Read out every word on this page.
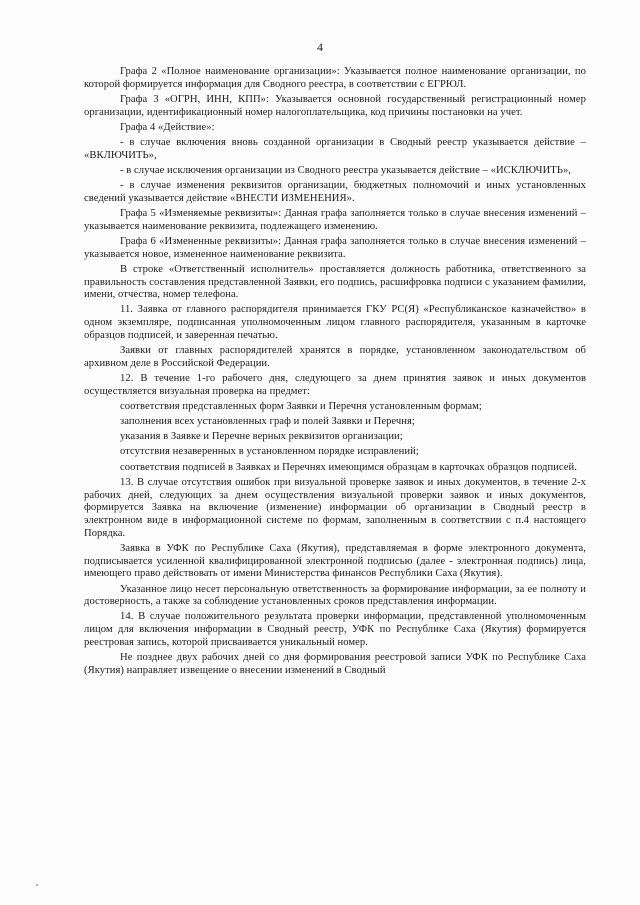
4

Графа 2 «Полное наименование организации»: Указывается полное наименование организации, по которой формируется информация для Сводного реестра, в соответствии с ЕГРЮЛ.

Графа 3 «ОГРН, ИНН, КПП»: Указывается основной государственный регистрационный номер организации, идентификационный номер налогоплательщика, код причины постановки на учет.

Графа 4 «Действие»:

- в случае включения вновь созданной организации в Сводный реестр указывается действие – «ВКЛЮЧИТЬ»,

- в случае исключения организации из Сводного реестра указывается действие – «ИСКЛЮЧИТЬ»,

- в случае изменения реквизитов организации, бюджетных полномочий и иных установленных сведений указывается действие «ВНЕСТИ ИЗМЕНЕНИЯ».

Графа 5 «Изменяемые реквизиты»: Данная графа заполняется только в случае внесения изменений – указывается наименование реквизита, подлежащего изменению.

Графа 6 «Измененные реквизиты»: Данная графа заполняется только в случае внесения изменений – указывается новое, измененное наименование реквизита.

В строке «Ответственный исполнитель» проставляется должность работника, ответственного за правильность составления представленной Заявки, его подпись, расшифровка подписи с указанием фамилии, имени, отчества, номер телефона.

11. Заявка от главного распорядителя принимается ГКУ РС(Я) «Республиканское казначейство» в одном экземпляре, подписанная уполномоченным лицом главного распорядителя, указанным в карточке образцов подписей, и заверенная печатью.

Заявки от главных распорядителей хранятся в порядке, установленном законодательством об архивном деле в Российской Федерации.

12. В течение 1-го рабочего дня, следующего за днем принятия заявок и иных документов осуществляется визуальная проверка на предмет:

соответствия представленных форм Заявки и Перечня установленным формам;

заполнения всех установленных граф и полей Заявки и Перечня;

указания в Заявке и Перечне верных реквизитов организации;

отсутствия незаверенных в установленном порядке исправлений;

соответствия подписей в Заявках и Перечнях имеющимся образцам в карточках образцов подписей.

13. В случае отсутствия ошибок при визуальной проверке заявок и иных документов, в течение 2-х рабочих дней, следующих за днем осуществления визуальной проверки заявок и иных документов, формируется Заявка на включение (изменение) информации об организации в Сводный реестр в электронном виде в информационной системе по формам, заполненным в соответствии с п.4 настоящего Порядка.

Заявка в УФК по Республике Саха (Якутия), представляемая в форме электронного документа, подписывается усиленной квалифицированной электронной подписью (далее - электронная подпись) лица, имеющего право действовать от имени Министерства финансов Республики Саха (Якутия).

Указанное лицо несет персональную ответственность за формирование информации, за ее полноту и достоверность, а также за соблюдение установленных сроков представления информации.

14. В случае положительного результата проверки информации, представленной уполномоченным лицом для включения информации в Сводный реестр, УФК по Республике Саха (Якутия) формируется реестровая запись, которой присваивается уникальный номер.

Не позднее двух рабочих дней со дня формирования реестровой записи УФК по Республике Саха (Якутия) направляет извещение о внесении изменений в Сводный
